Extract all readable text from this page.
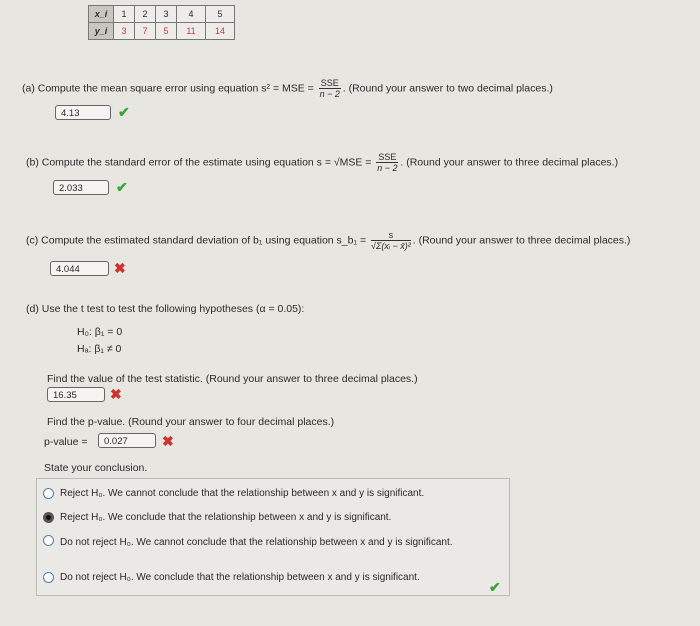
x_i	1	2	3	4	5
y_i	3	7	5	11	14
(a) Compute the mean square error using equation s² = MSE = $\frac{\text{SSE}}{n - 2}$ . (Round your answer to two decimal places.)
4.13	✔
(b) Compute the standard error of the estimate using equation $s = √MSE = \frac{\text{SSE}}{n - 2}$ . (Round your answer to three decimal places.)
2.033	✔
(c) Compute the estimated standard deviation of b₁ using equation s_b₁ = $\frac{s}{\text{√Σ(xᵢ − x̄)²}}$ . (Round your answer to three decimal places.)
4.044	✖
(d) Use the t test to test the following hypotheses (α = 0.05):
H₀: β₁ = 0
Hₐ: β₁ ≠ 0
Find the value of the test statistic. (Round your answer to three decimal places.)
16.35	✖
Find the p-value. (Round your answer to four decimal places.)
p-value =	0.027	✖
State your conclusion.
Reject H₀. We cannot conclude that the relationship between x and y is significant.
Reject H₀. We conclude that the relationship between x and y is significant.
Do not reject H₀. We cannot conclude that the relationship between x and y is significant.
Do not reject H₀. We conclude that the relationship between x and y is significant.
✔
